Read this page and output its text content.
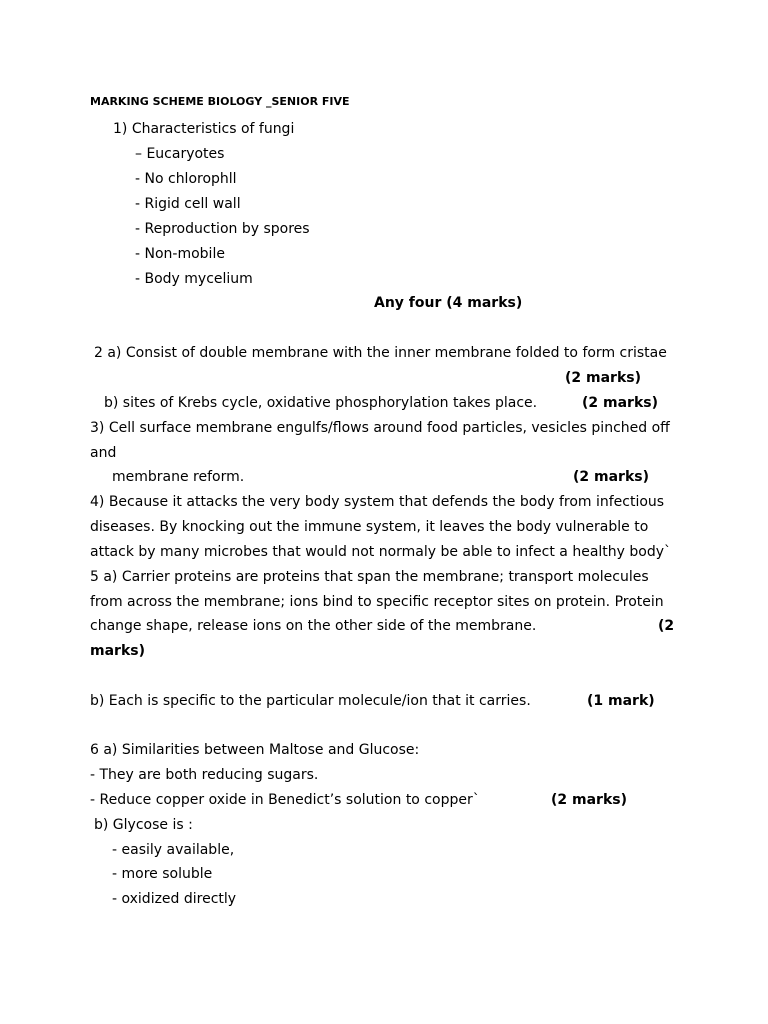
MARKING SCHEME BIOLOGY _SENIOR FIVE
1) Characteristics of fungi
– Eucaryotes
- No chlorophll
- Rigid cell wall
- Reproduction by spores
- Non-mobile
- Body mycelium
Any four (4 marks)
2 a) Consist of double membrane with the inner membrane folded to form cristae
(2 marks)
b) sites of Krebs cycle, oxidative phosphorylation takes place.	(2 marks)
3) Cell surface membrane engulfs/flows around food particles, vesicles pinched off
and
membrane reform.	(2 marks)
4) Because it attacks the very body system that defends the body from infectious
diseases. By knocking out the immune system, it leaves the body vulnerable to
attack by many microbes that would not normaly be able to infect a healthy body`
5 a) Carrier proteins are proteins that span the membrane; transport molecules
from across the membrane; ions bind to specific receptor sites on protein. Protein
change shape, release ions on the other side of the membrane.	(2
marks)
b) Each is specific to the particular molecule/ion that it carries.	(1 mark)
6 a) Similarities between Maltose and Glucose:
- They are both reducing sugars.
- Reduce copper oxide in Benedict’s solution to copper`	(2 marks)
b) Glycose is :
- easily available,
- more soluble
- oxidized directly
